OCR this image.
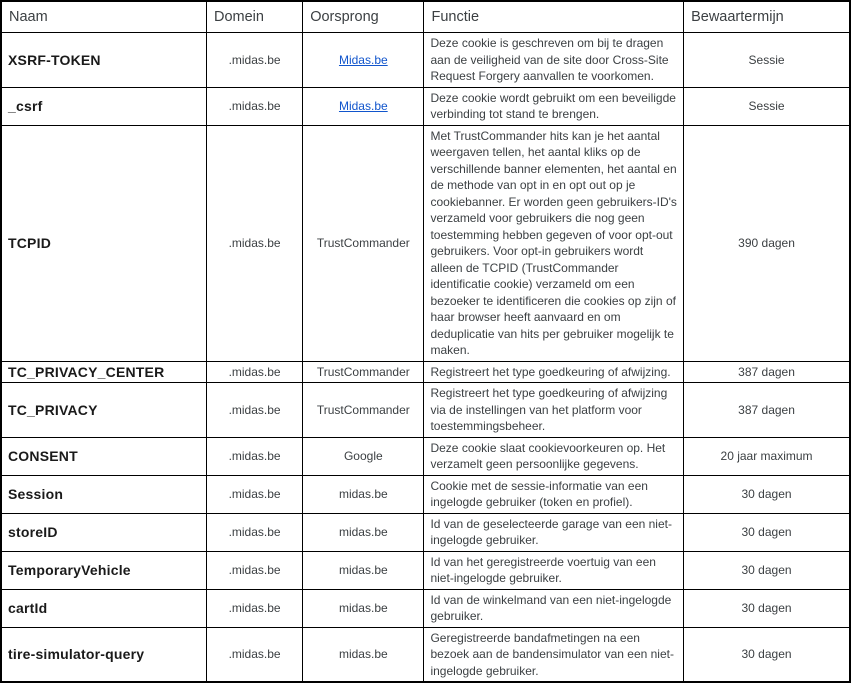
Naam	Domein	Oorsprong	Functie	Bewaartermijn
XSRF-TOKEN	.midas.be	Midas.be	Deze cookie is geschreven om bij te dragen aan de veiligheid van de site door Cross-Site Request Forgery aanvallen te voorkomen.	Sessie
_csrf	.midas.be	Midas.be	Deze cookie wordt gebruikt om een beveiligde verbinding tot stand te brengen.	Sessie
TCPID	.midas.be	TrustCommander	Met TrustCommander hits kan je het aantal weergaven tellen, het aantal kliks op de verschillende banner elementen, het aantal en de methode van opt in en opt out op je cookiebanner. Er worden geen gebruikers-ID's verzameld voor gebruikers die nog geen toestemming hebben gegeven of voor opt-out gebruikers. Voor opt-in gebruikers wordt alleen de TCPID (TrustCommander identificatie cookie) verzameld om een bezoeker te identificeren die cookies op zijn of haar browser heeft aanvaard en om deduplicatie van hits per gebruiker mogelijk te maken.	390 dagen
TC_PRIVACY_CENTER	.midas.be	TrustCommander	Registreert het type goedkeuring of afwijzing.	387 dagen
TC_PRIVACY	.midas.be	TrustCommander	Registreert het type goedkeuring of afwijzing via de instellingen van het platform voor toestemmingsbeheer.	387 dagen
CONSENT	.midas.be	Google	Deze cookie slaat cookievoorkeuren op. Het verzamelt geen persoonlijke gegevens.	20 jaar maximum
Session	.midas.be	midas.be	Cookie met de sessie-informatie van een ingelogde gebruiker (token en profiel).	30 dagen
storeID	.midas.be	midas.be	Id van de geselecteerde garage van een niet-ingelogde gebruiker.	30 dagen
TemporaryVehicle	.midas.be	midas.be	Id van het geregistreerde voertuig van een niet-ingelogde gebruiker.	30 dagen
cartId	.midas.be	midas.be	Id van de winkelmand van een niet-ingelogde gebruiker.	30 dagen
tire-simulator-query	.midas.be	midas.be	Geregistreerde bandafmetingen na een bezoek aan de bandensimulator van een niet-ingelogde gebruiker.	30 dagen
